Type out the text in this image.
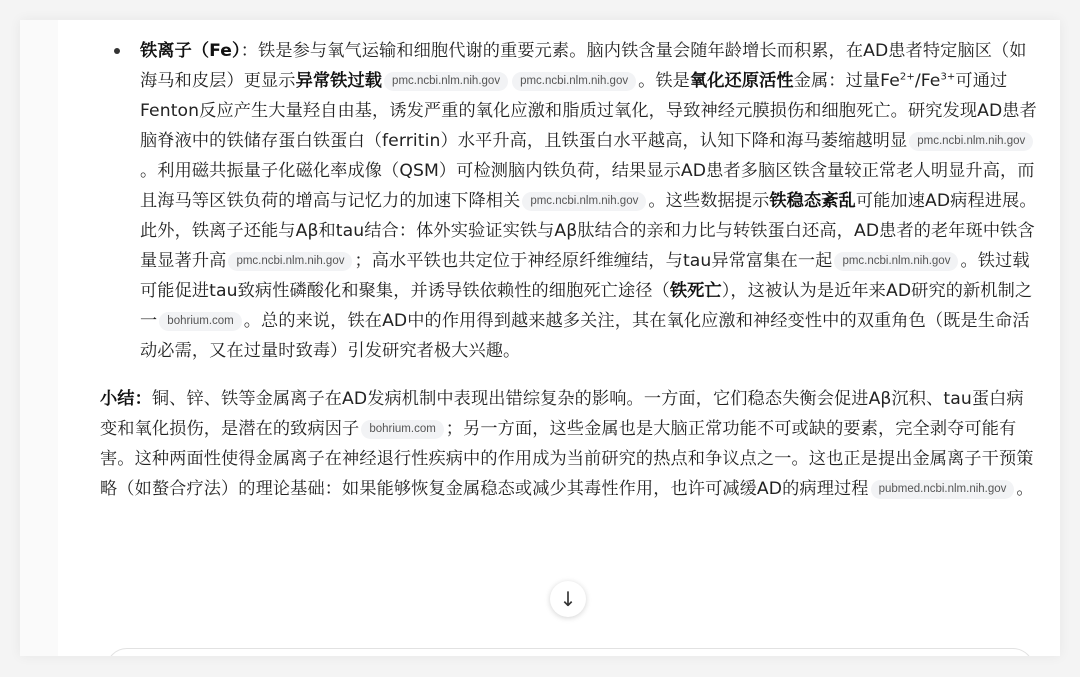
铁离子（Fe）：铁是参与氧气运输和细胞代谢的重要元素。脑内铁含量会随年龄增长而积累，在AD患者特定脑区（如海马和皮层）更显示异常铁过载 pmc.ncbi.nlm.nih.gov pmc.ncbi.nlm.nih.gov 。铁是氧化还原活性金属：过量$Fe^{2+}/Fe^{3+}$可通过Fenton反应产生大量羟自由基，诱发严重的氧化应激和脂质过氧化，导致神经元膜损伤和细胞死亡。研究发现AD患者脑脊液中的铁储存蛋白铁蛋白（ferritin）水平升高，且铁蛋白水平越高，认知下降和海马萎缩越明显 pmc.ncbi.nlm.nih.gov。利用磁共振量子化磁化率成像（QSM）可检测脑内铁负荷，结果显示AD患者多脑区铁含量较正常老人明显升高，而且海马等区铁负荷的增高与记忆力的加速下降相关 pmc.ncbi.nlm.nih.gov 。这些数据提示铁稳态紊乱可能加速AD病程进展。此外，铁离子还能与Aβ和tau结合：体外实验证实铁与Aβ肽结合的亲和力比与转铁蛋白还高，AD患者的老年斑中铁含量显著升高 pmc.ncbi.nlm.nih.gov ；高水平铁也共定位于神经原纤维缠结，与tau异常富集在一起 pmc.ncbi.nlm.nih.gov 。铁过载可能促进tau致病性磷酸化和聚集，并诱导铁依赖性的细胞死亡途径（铁死亡），这被认为是近年来AD研究的新机制之一 bohrium.com 。总的来说，铁在AD中的作用得到越来越多关注，其在氧化应激和神经变性中的双重角色（既是生命活动必需，又在过量时致毒）引发研究者极大兴趣。
小结：铜、锌、铁等金属离子在AD发病机制中表现出错综复杂的影响。一方面，它们稳态失衡会促进Aβ沉积、tau蛋白病变和氧化损伤，是潜在的致病因子 bohrium.com ；另一方面，这些金属也是大脑正常功能不可或缺的要素，完全剥夺可能有害。这种两面性使得金属离子在神经退行性疾病中的作用成为当前研究的热点和争议点之一。这也正是提出金属离子干预策略（如螯合疗法）的理论基础：如果能够恢复金属稳态或减少其毒性作用，也许可减缓AD的病理过程 pubmed.ncbi.nlm.nih.gov 。
↓
